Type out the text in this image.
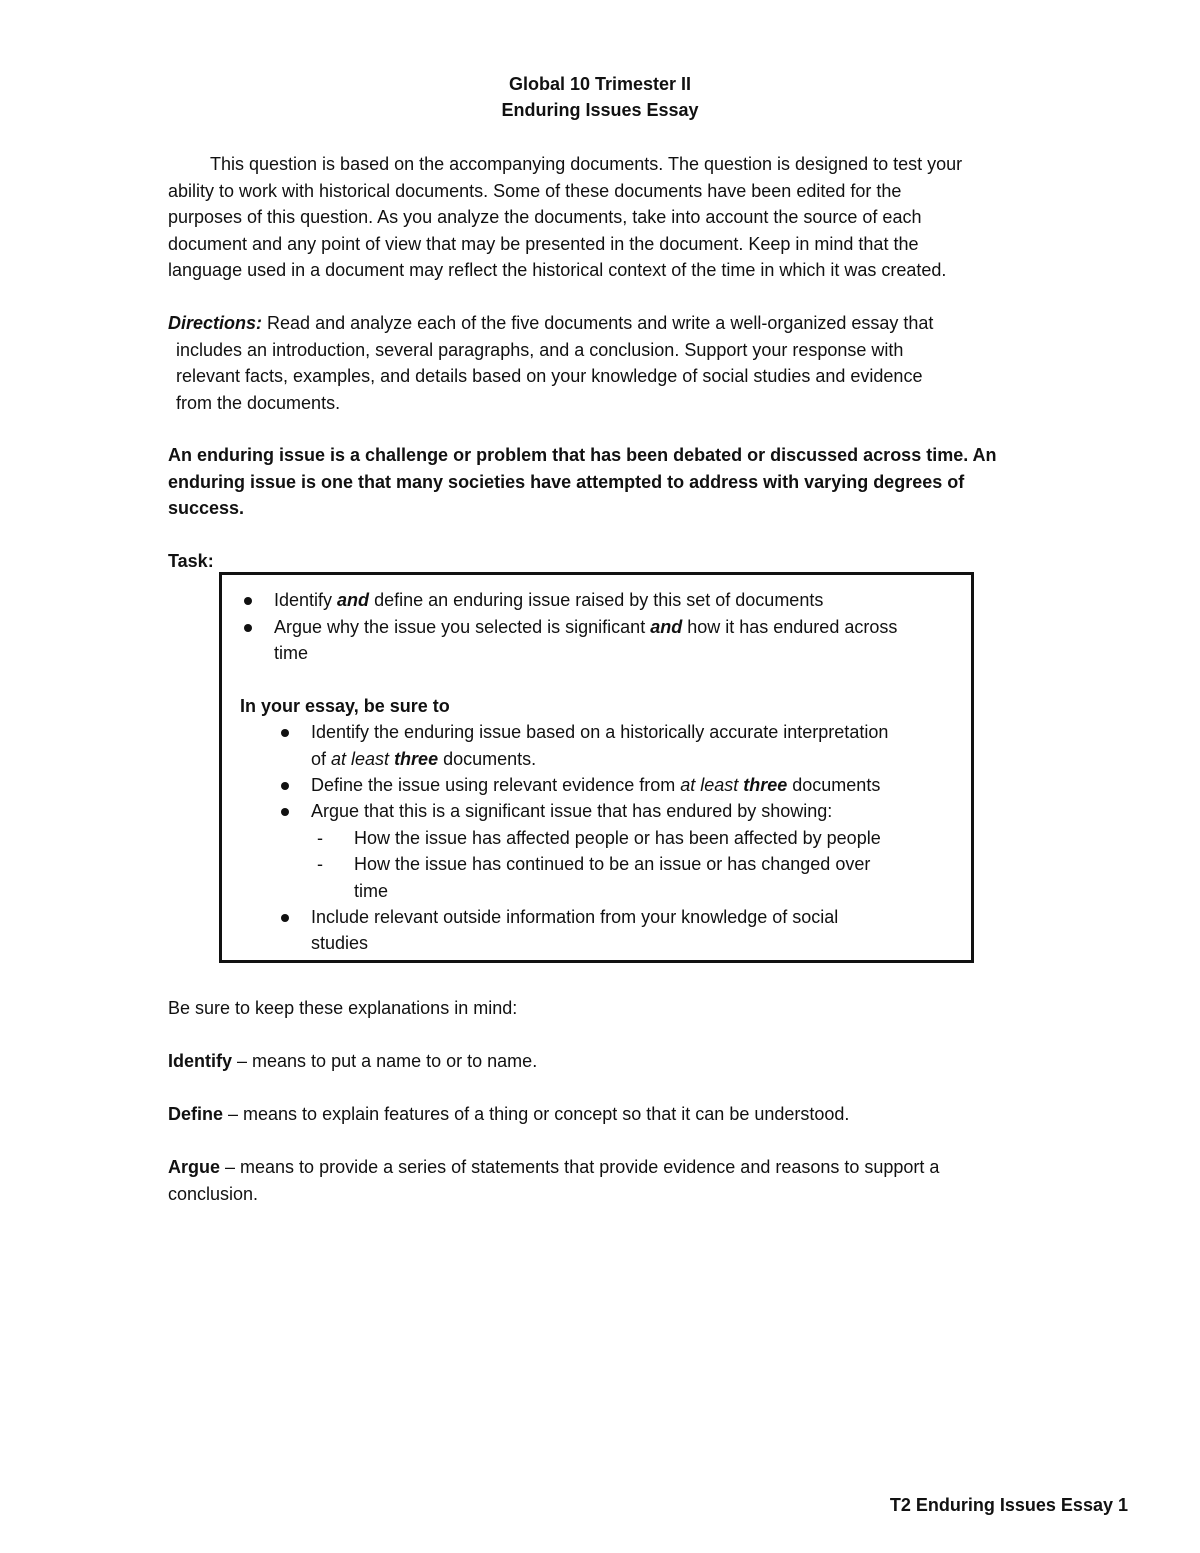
Global 10 Trimester II
Enduring Issues Essay
This question is based on the accompanying documents. The question is designed to test your
ability to work with historical documents. Some of these documents have been edited for the
purposes of this question. As you analyze the documents, take into account the source of each
document and any point of view that may be presented in the document. Keep in mind that the
language used in a document may reflect the historical context of the time in which it was created.
Directions: Read and analyze each of the five documents and write a well-organized essay that
includes an introduction, several paragraphs, and a conclusion. Support your response with
relevant facts, examples, and details based on your knowledge of social studies and evidence
from the documents.
An enduring issue is a challenge or problem that has been debated or discussed across time. An
enduring issue is one that many societies have attempted to address with varying degrees of
success.
Task:
Identify and define an enduring issue raised by this set of documents
Argue why the issue you selected is significant and how it has endured across
time
In your essay, be sure to
Identify the enduring issue based on a historically accurate interpretation
of at least three documents.
Define the issue using relevant evidence from at least three documents
Argue that this is a significant issue that has endured by showing:
- How the issue has affected people or has been affected by people
- How the issue has continued to be an issue or has changed over
time
Include relevant outside information from your knowledge of social
studies
Be sure to keep these explanations in mind:
Identify – means to put a name to or to name.
Define – means to explain features of a thing or concept so that it can be understood.
Argue – means to provide a series of statements that provide evidence and reasons to support a
conclusion.
T2 Enduring Issues Essay 1
